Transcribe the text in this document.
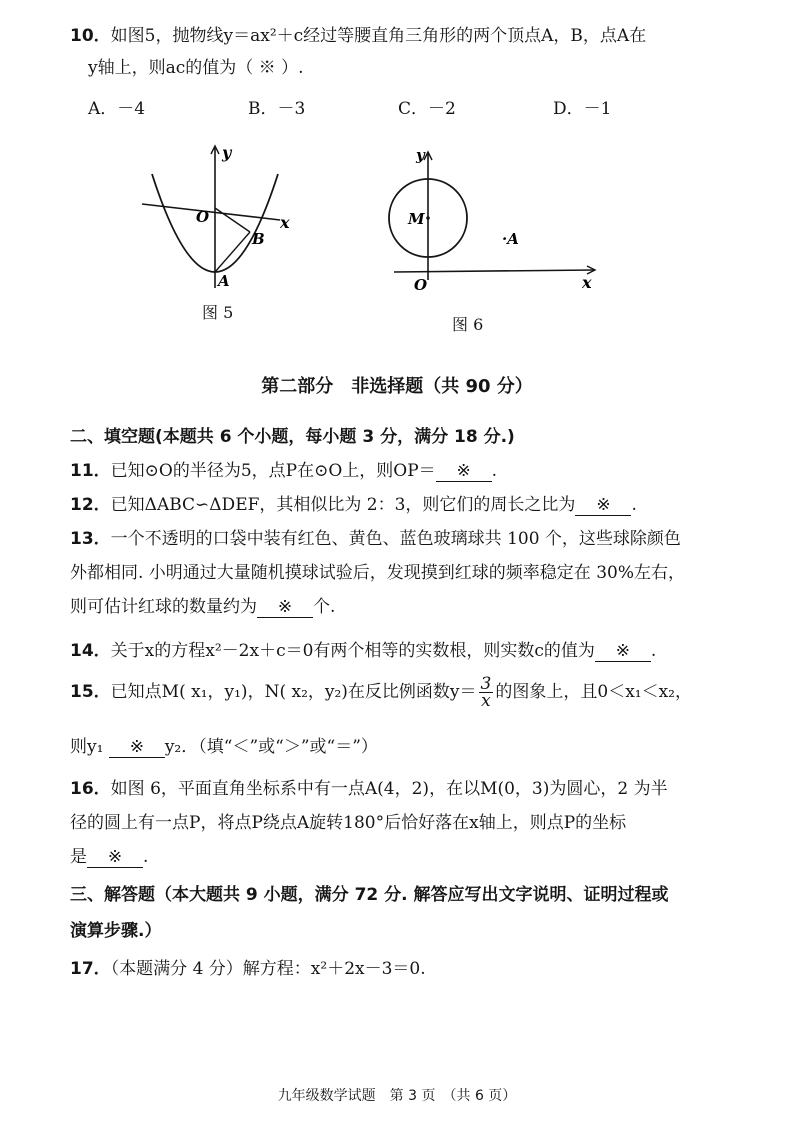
10．如图5，抛物线y＝ax²＋c经过等腰直角三角形的两个顶点A，B，点A在
y轴上，则ac的值为（ ※ ）.
A．－4	B．－3	C．－2	D．－1
y
x
O
A
B
图 5
y
x
O
M
·A
图 6
第二部分　非选择题（共 90 分）
二、填空题(本题共 6 个小题，每小题 3 分，满分 18 分.)
11．已知⊙O的半径为5，点P在⊙O上，则OP＝ ※ .
12．已知ΔABC∽ΔDEF，其相似比为 2：3，则它们的周长之比为 ※ .
13．一个不透明的口袋中装有红色、黄色、蓝色玻璃球共 100 个，这些球除颜色
外都相同. 小明通过大量随机摸球试验后，发现摸到红球的频率稳定在 30%左右，
则可估计红球的数量约为 ※ 个.
14．关于x的方程x²－2x＋c＝0有两个相等的实数根，则实数c的值为 ※ .
15．已知点M( x₁，y₁)，N( x₂，y₂)在反比例函数$y= \frac{3}{x}$ 的图象上，且0＜x₁＜x₂，
则y₁ ※ y₂．（填“＜”或“＞”或“＝”）
16．如图 6，平面直角坐标系中有一点A(4，2)，在以M(0，3)为圆心，2 为半
径的圆上有一点P，将点P绕点A旋转180°后恰好落在x轴上，则点P的坐标
是 ※ .
三、解答题（本大题共 9 小题，满分 72 分. 解答应写出文字说明、证明过程或
演算步骤.）
17．（本题满分 4 分）解方程：x²＋2x－3＝0.
九年级数学试题　第 3 页　（共 6 页）
